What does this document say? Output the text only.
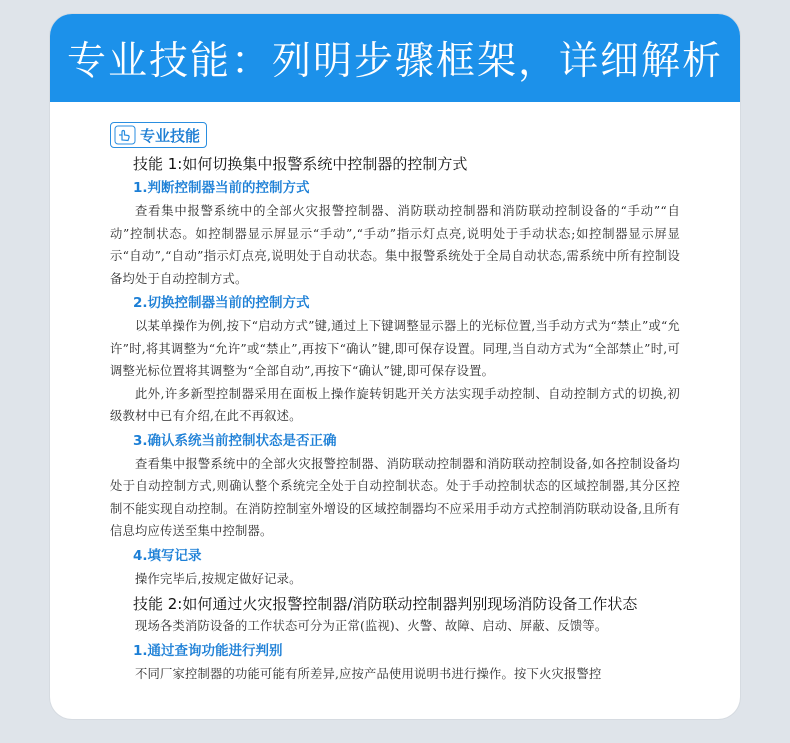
专业技能：列明步骤框架，详细解析
专业技能
技能 1:如何切换集中报警系统中控制器的控制方式
1.判断控制器当前的控制方式

查看集中报警系统中的全部火灾报警控制器、消防联动控制器和消防联动控制设备的“手动”“自动”控制状态。如控制器显示屏显示“手动”,“手动”指示灯点亮,说明处于手动状态;如控制器显示屏显示“自动”,“自动”指示灯点亮,说明处于自动状态。集中报警系统处于全局自动状态,需系统中所有控制设备均处于自动控制方式。

2.切换控制器当前的控制方式

以某单操作为例,按下“启动方式”键,通过上下键调整显示器上的光标位置,当手动方式为“禁止”或“允许”时,将其调整为“允许”或“禁止”,再按下“确认”键,即可保存设置。同理,当自动方式为“全部禁止”时,可调整光标位置将其调整为“全部自动”,再按下“确认”键,即可保存设置。

此外,许多新型控制器采用在面板上操作旋转钥匙开关方法实现手动控制、自动控制方式的切换,初级教材中已有介绍,在此不再叙述。

3.确认系统当前控制状态是否正确

查看集中报警系统中的全部火灾报警控制器、消防联动控制器和消防联动控制设备,如各控制设备均处于自动控制方式,则确认整个系统完全处于自动控制状态。处于手动控制状态的区域控制器,其分区控制不能实现自动控制。在消防控制室外增设的区域控制器均不应采用手动方式控制消防联动设备,且所有信息均应传送至集中控制器。

4.填写记录

操作完毕后,按规定做好记录。

技能 2:如何通过火灾报警控制器/消防联动控制器判别现场消防设备工作状态

现场各类消防设备的工作状态可分为正常(监视)、火警、故障、启动、屏蔽、反馈等。

1.通过查询功能进行判别

不同厂家控制器的功能可能有所差异,应按产品使用说明书进行操作。按下火灾报警控
